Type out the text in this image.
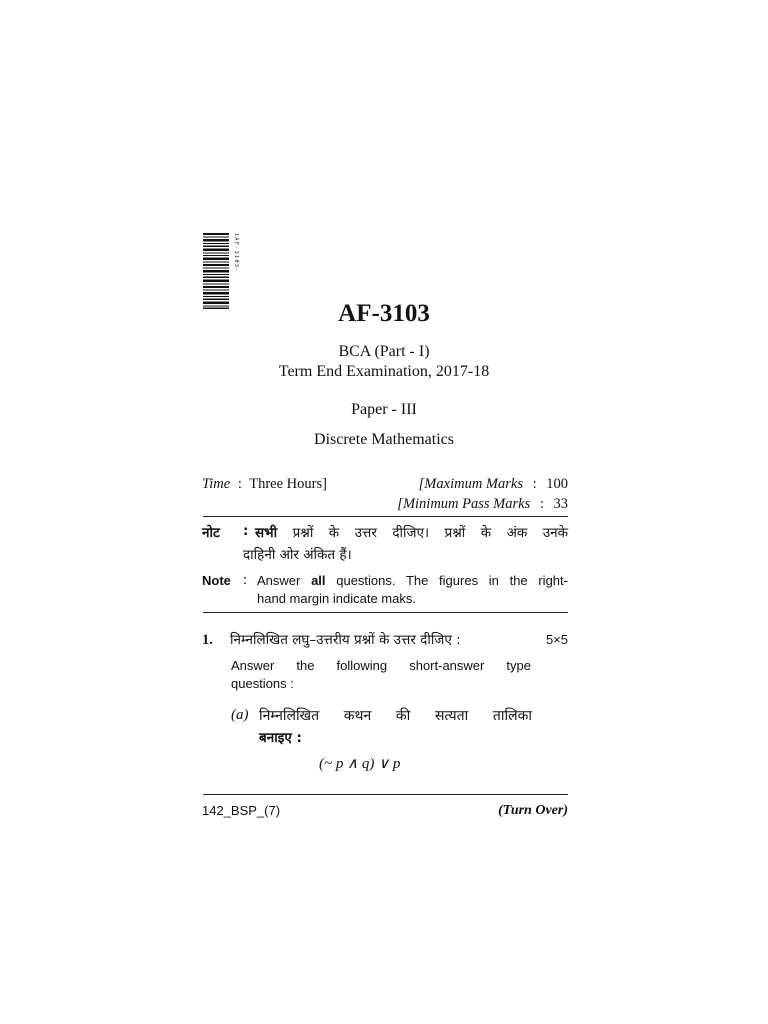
1AF-3103-
AF-3103
BCA (Part - I)
Term End Examination, 2017-18
Paper - III
Discrete Mathematics
Time : Three Hours]	[Maximum Marks : 100
[Minimum Pass Marks : 33
नोट : सभी प्रश्नों के उत्तर दीजिए। प्रश्नों के अंक उनके
दाहिनी ओर अंकित हैं।
Note : Answer all questions. The figures in the right-
hand margin indicate maks.
1. निम्नलिखित लघु–उत्तरीय प्रश्नों के उत्तर दीजिए :	5×5
Answer the following short-answer type
questions :
(a) निम्नलिखित कथन की सत्यता तालिका
बनाइए :
(~ p ∧ q) ∨ p
142_BSP_(7)	(Turn Over)
